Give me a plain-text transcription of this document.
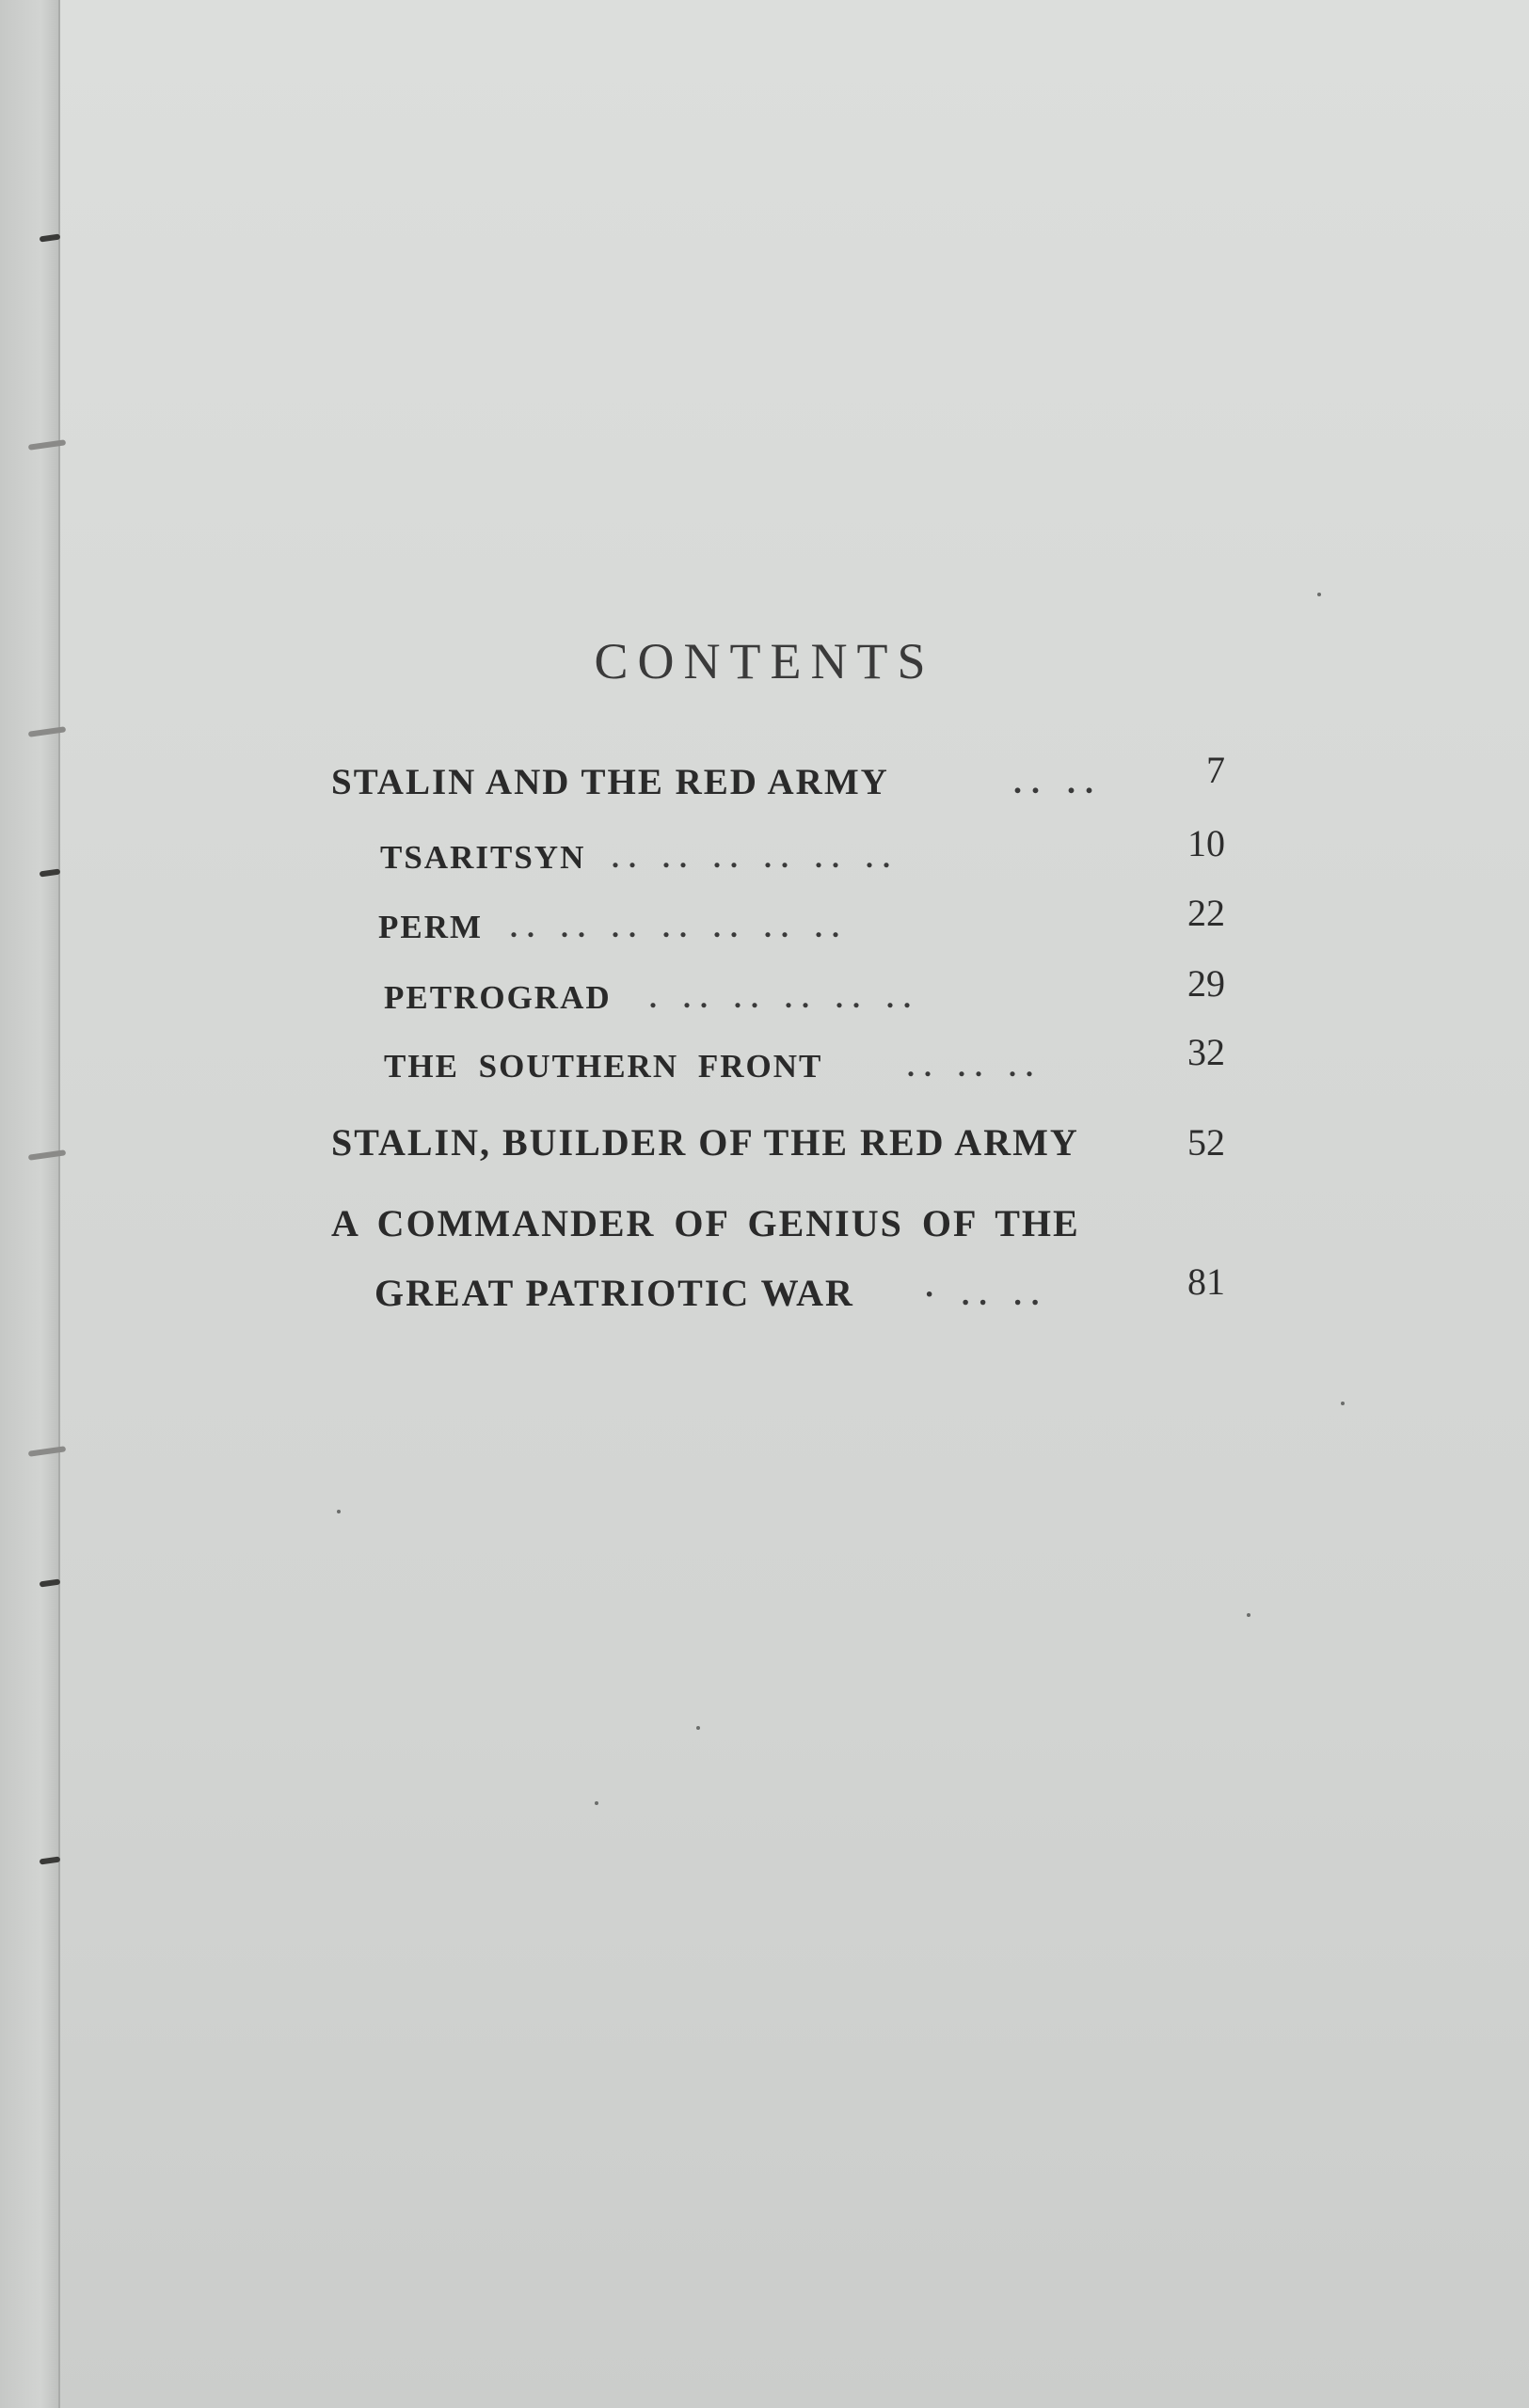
CONTENTS
STALIN AND THE RED ARMY	.. ..	7
TSARITSYN .. .. .. .. .. ..	10
PERM .. .. .. .. .. .. ..	22
PETROGRAD . .. .. .. .. ..	29
THE SOUTHERN FRONT	.. .. ..	32
STALIN, BUILDER OF THE RED ARMY	52
A COMMANDER OF GENIUS OF THE
GREAT PATRIOTIC WAR · .. ..	81
